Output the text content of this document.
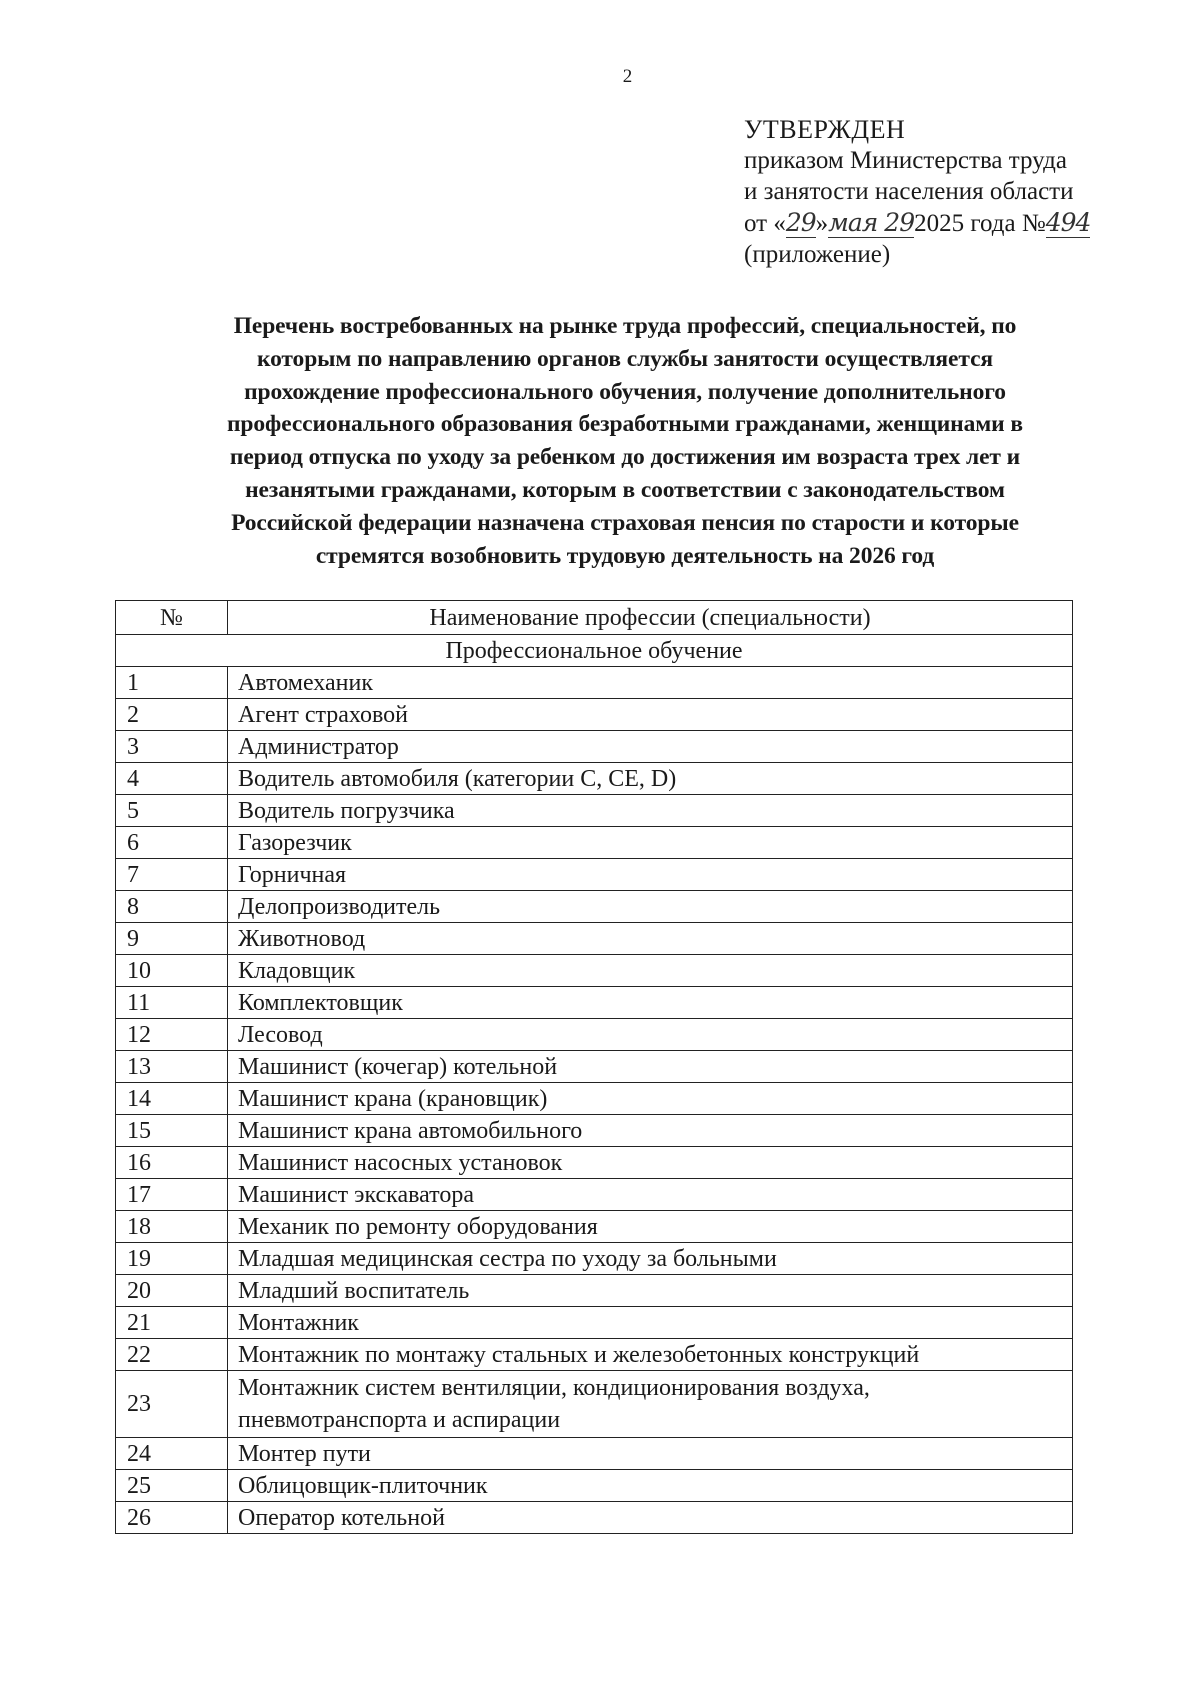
2
УТВЕРЖДЕН
приказом Министерства труда
и занятости населения области
от «29»мая 292025 года №494
(приложение)
Перечень востребованных на рынке труда профессий, специальностей, по
которым по направлению органов службы занятости осуществляется
прохождение профессионального обучения, получение дополнительного
профессионального образования безработными гражданами, женщинами в
период отпуска по уходу за ребенком до достижения им возраста трех лет и
незанятыми гражданами, которым в соответствии с законодательством
Российской федерации назначена страховая пенсия по старости и которые
стремятся возобновить трудовую деятельность на 2026 год
№	Наименование профессии (специальности)
Профессиональное обучение	
1	Автомеханик
2	Агент страховой
3	Администратор
4	Водитель автомобиля (категории С, СЕ, D)
5	Водитель погрузчика
6	Газорезчик
7	Горничная
8	Делопроизводитель
9	Животновод
10	Кладовщик
11	Комплектовщик
12	Лесовод
13	Машинист (кочегар) котельной
14	Машинист крана (крановщик)
15	Машинист крана автомобильного
16	Машинист насосных установок
17	Машинист экскаватора
18	Механик по ремонту оборудования
19	Младшая медицинская сестра по уходу за больными
20	Младший воспитатель
21	Монтажник
22	Монтажник по монтажу стальных и железобетонных конструкций
23	Монтажник систем вентиляции, кондиционирования воздуха,
пневмотранспорта и аспирации

24	Монтер пути
25	Облицовщик-плиточник
26	Оператор котельной
